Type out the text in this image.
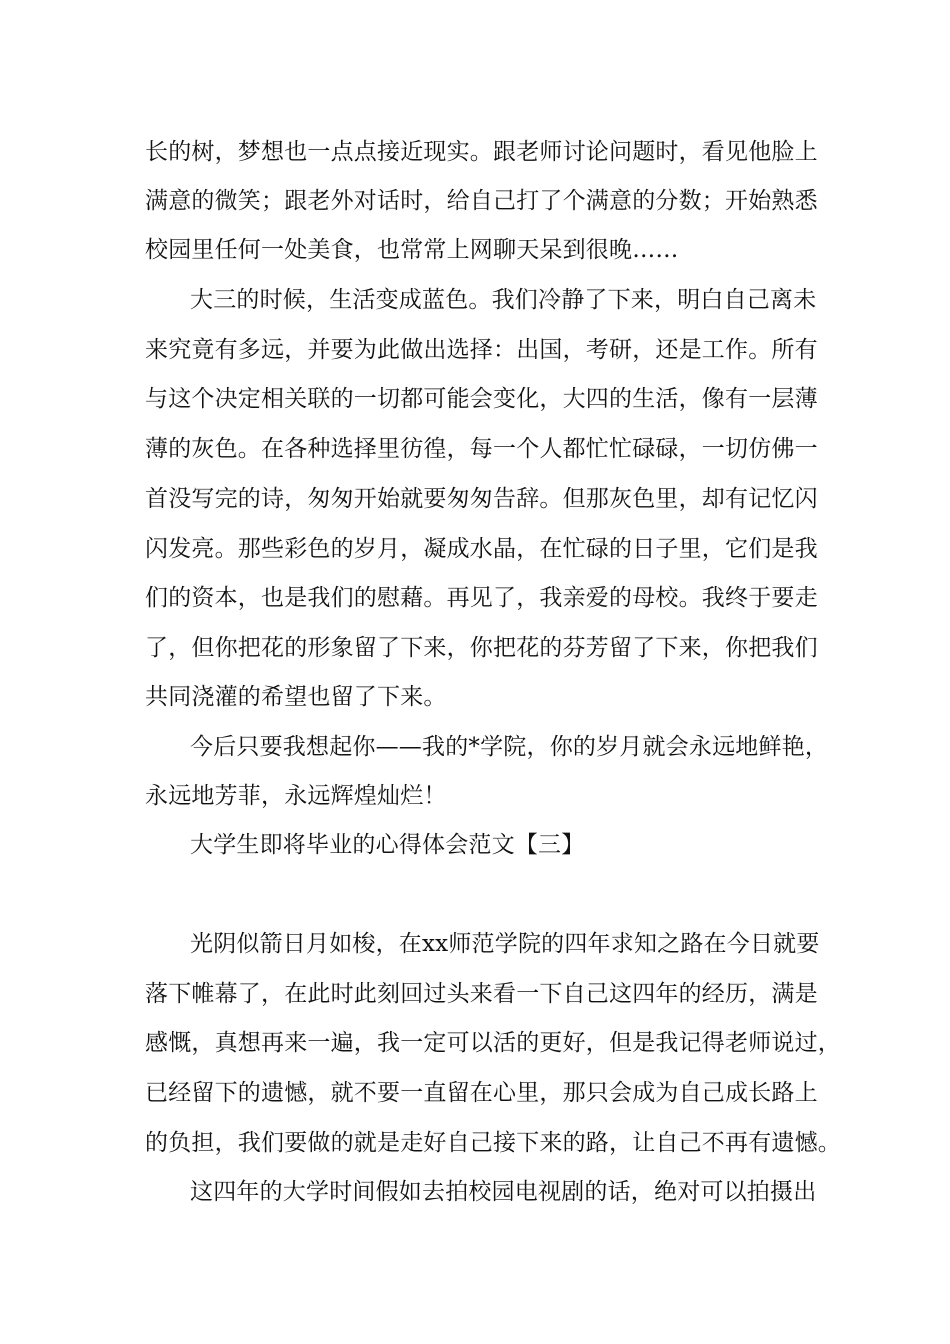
长的树，梦想也一点点接近现实。跟老师讨论问题时，看见他脸上
满意的微笑；跟老外对话时，给自己打了个满意的分数；开始熟悉
校园里任何一处美食，也常常上网聊天呆到很晚……
大三的时候，生活变成蓝色。我们冷静了下来，明白自己离未
来究竟有多远，并要为此做出选择：出国，考研，还是工作。所有
与这个决定相关联的一切都可能会变化，大四的生活，像有一层薄
薄的灰色。在各种选择里彷徨，每一个人都忙忙碌碌，一切仿佛一
首没写完的诗，匆匆开始就要匆匆告辞。但那灰色里，却有记忆闪
闪发亮。那些彩色的岁月，凝成水晶，在忙碌的日子里，它们是我
们的资本，也是我们的慰藉。再见了，我亲爱的母校。我终于要走
了，但你把花的形象留了下来，你把花的芬芳留了下来，你把我们
共同浇灌的希望也留了下来。
今后只要我想起你——我的*学院，你的岁月就会永远地鲜艳，
永远地芳菲，永远辉煌灿烂！
大学生即将毕业的心得体会范文【三】
光阴似箭日月如梭，在xx师范学院的四年求知之路在今日就要
落下帷幕了，在此时此刻回过头来看一下自己这四年的经历，满是
感慨，真想再来一遍，我一定可以活的更好，但是我记得老师说过，
已经留下的遗憾，就不要一直留在心里，那只会成为自己成长路上
的负担，我们要做的就是走好自己接下来的路，让自己不再有遗憾。
这四年的大学时间假如去拍校园电视剧的话，绝对可以拍摄出
